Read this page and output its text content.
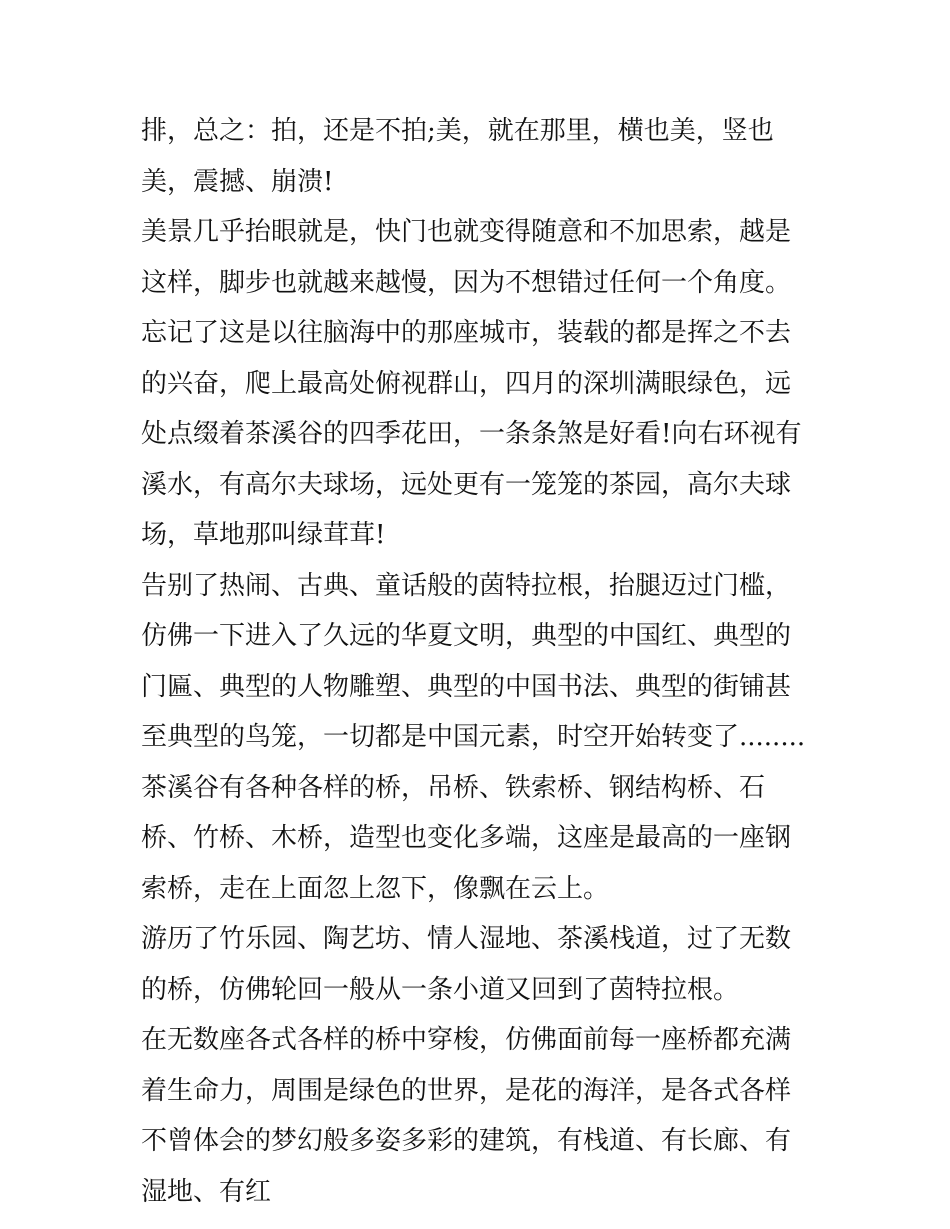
排，总之：拍，还是不拍;美，就在那里，横也美，竖也美，震撼、崩溃!

美景几乎抬眼就是，快门也就变得随意和不加思索，越是这样，脚步也就越来越慢，因为不想错过任何一个角度。忘记了这是以往脑海中的那座城市，装载的都是挥之不去的兴奋，爬上最高处俯视群山，四月的深圳满眼绿色，远处点缀着茶溪谷的四季花田，一条条煞是好看!向右环视有溪水，有高尔夫球场，远处更有一笼笼的茶园，高尔夫球场，草地那叫绿茸茸!

告别了热闹、古典、童话般的茵特拉根，抬腿迈过门槛，仿佛一下进入了久远的华夏文明，典型的中国红、典型的门匾、典型的人物雕塑、典型的中国书法、典型的街铺甚至典型的鸟笼，一切都是中国元素，时空开始转变了........

茶溪谷有各种各样的桥，吊桥、铁索桥、钢结构桥、石桥、竹桥、木桥，造型也变化多端，这座是最高的一座钢索桥，走在上面忽上忽下，像飘在云上。

游历了竹乐园、陶艺坊、情人湿地、茶溪栈道，过了无数的桥，仿佛轮回一般从一条小道又回到了茵特拉根。

在无数座各式各样的桥中穿梭，仿佛面前每一座桥都充满着生命力，周围是绿色的世界，是花的海洋，是各式各样不曾体会的梦幻般多姿多彩的建筑，有栈道、有长廊、有湿地、有红
